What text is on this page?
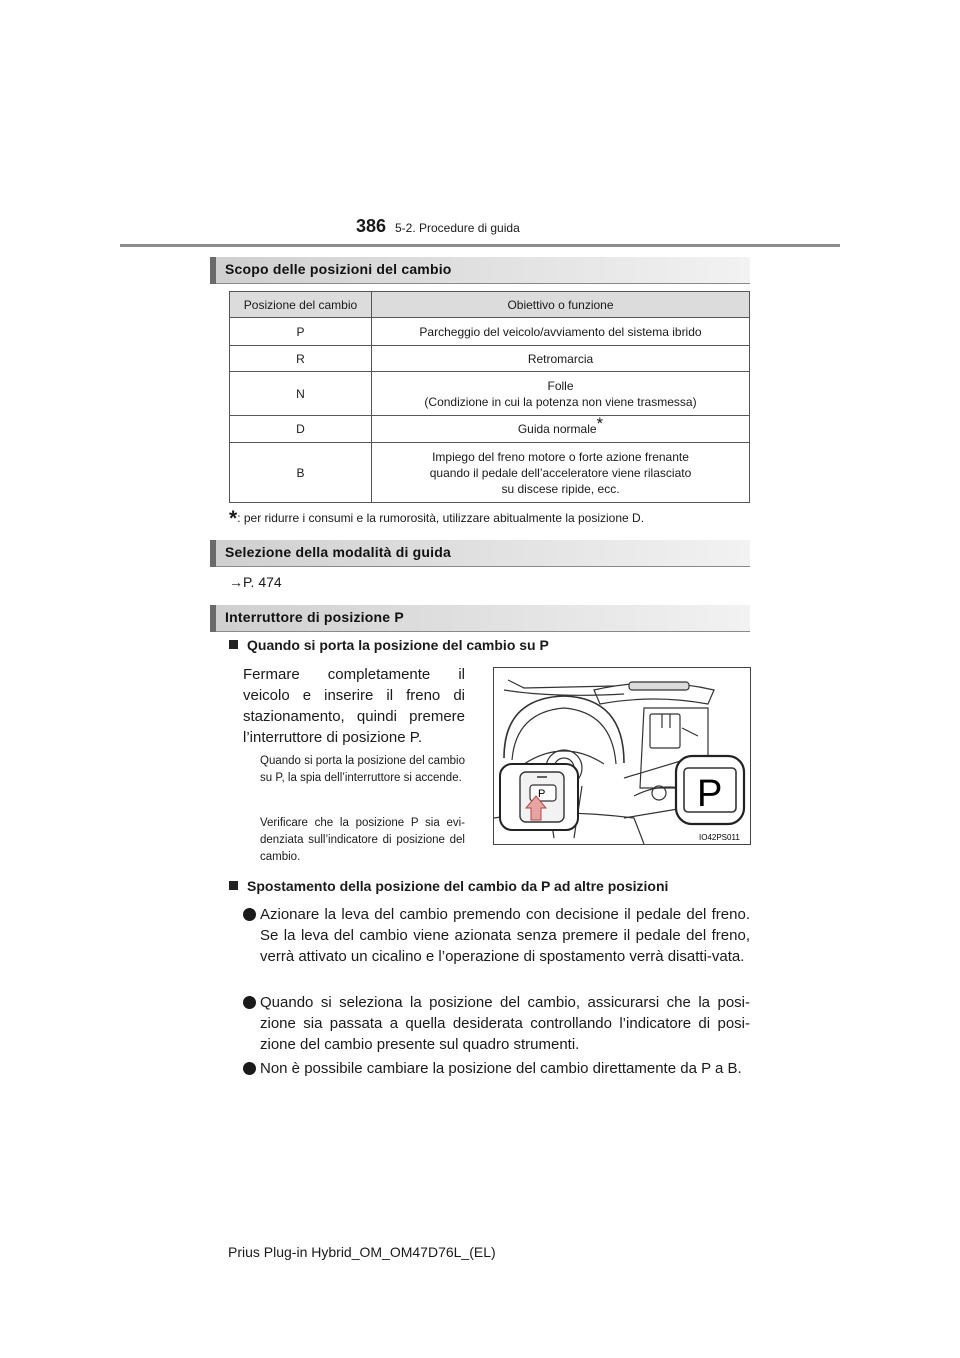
386 5-2. Procedure di guida
Scopo delle posizioni del cambio
Posizione del cambio	Obiettivo o funzione
P	Parcheggio del veicolo/avviamento del sistema ibrido

R	Retromarcia

N	Folle
(Condizione in cui la potenza non viene trasmessa)

D	Guida normale*
B	Impiego del freno motore o forte azione frenante
quando il pedale dell’acceleratore viene rilasciato
su discese ripide, ecc.
*: per ridurre i consumi e la rumorosità, utilizzare abitualmente la posizione D.
Selezione della modalità di guida
→P. 474
Interruttore di posizione P
Quando si porta la posizione del cambio su P
Fermare completamente il veicolo e inserire il freno di stazionamento, quindi premere l’interruttore di posizione P.
Quando si porta la posizione del cambio su P, la spia dell’interruttore si accende.
Verificare che la posizione P sia evi-denziata sull’indicatore di posizione del cambio.
IO42PS011
P	P
Spostamento della posizione del cambio da P ad altre posizioni
Azionare la leva del cambio premendo con decisione il pedale del freno. Se la leva del cambio viene azionata senza premere il pedale del freno, verrà attivato un cicalino e l’operazione di spostamento verrà disatti-vata.
Quando si seleziona la posizione del cambio, assicurarsi che la posi-zione sia passata a quella desiderata controllando l’indicatore di posi-zione del cambio presente sul quadro strumenti.
Non è possibile cambiare la posizione del cambio direttamente da P a B.
Prius Plug-in Hybrid_OM_OM47D76L_(EL)
